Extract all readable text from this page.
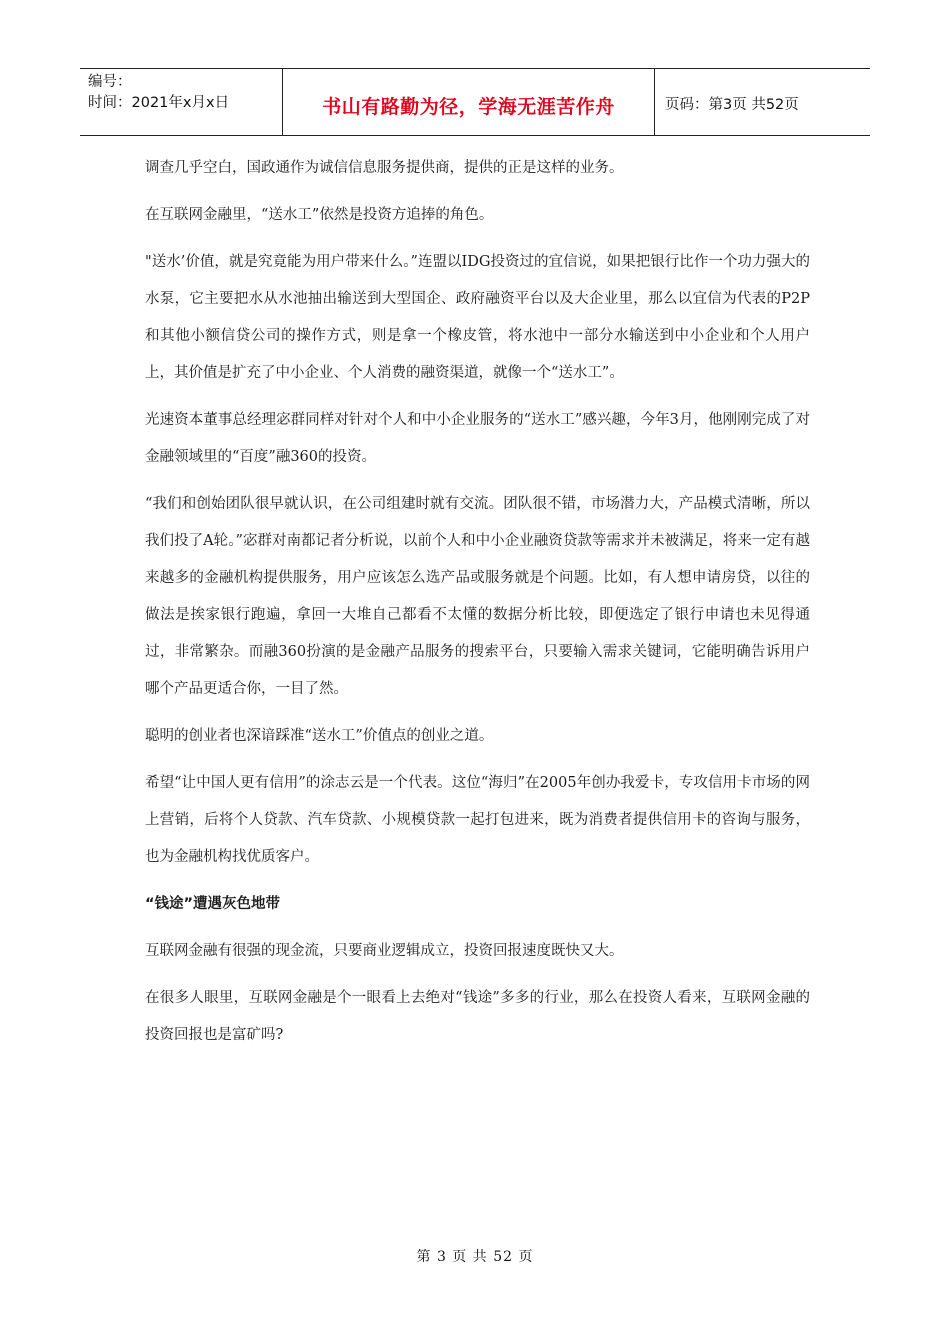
编号：
时间：2021年x月x日	书山有路勤为径，学海无涯苦作舟	页码：第3页 共52页

调查几乎空白，国政通作为诚信信息服务提供商，提供的正是这样的业务。

在互联网金融里，“送水工”依然是投资方追捧的角色。

"送水’价值，就是究竟能为用户带来什么。”连盟以IDG投资过的宜信说，如果把银行比作一个功力强大的水泵，它主要把水从水池抽出输送到大型国企、政府融资平台以及大企业里，那么以宜信为代表的P2P和其他小额信贷公司的操作方式，则是拿一个橡皮管，将水池中一部分水输送到中小企业和个人用户上，其价值是扩充了中小企业、个人消费的融资渠道，就像一个“送水工”。

光速资本董事总经理宓群同样对针对个人和中小企业服务的“送水工”感兴趣，今年3月，他刚刚完成了对金融领域里的“百度”融360的投资。

“我们和创始团队很早就认识，在公司组建时就有交流。团队很不错，市场潜力大，产品模式清晰，所以我们投了A轮。”宓群对南都记者分析说，以前个人和中小企业融资贷款等需求并未被满足，将来一定有越来越多的金融机构提供服务，用户应该怎么选产品或服务就是个问题。比如，有人想申请房贷，以往的做法是挨家银行跑遍，拿回一大堆自己都看不太懂的数据分析比较，即便选定了银行申请也未见得通过，非常繁杂。而融360扮演的是金融产品服务的搜索平台，只要输入需求关键词，它能明确告诉用户哪个产品更适合你，一目了然。

聪明的创业者也深谙踩准“送水工”价值点的创业之道。

希望“让中国人更有信用”的涂志云是一个代表。这位“海归”在2005年创办我爱卡，专攻信用卡市场的网上营销，后将个人贷款、汽车贷款、小规模贷款一起打包进来，既为消费者提供信用卡的咨询与服务，也为金融机构找优质客户。

“钱途”遭遇灰色地带

互联网金融有很强的现金流，只要商业逻辑成立，投资回报速度既快又大。

在很多人眼里，互联网金融是个一眼看上去绝对“钱途”多多的行业，那么在投资人看来，互联网金融的投资回报也是富矿吗?

第 3 页 共 52 页
